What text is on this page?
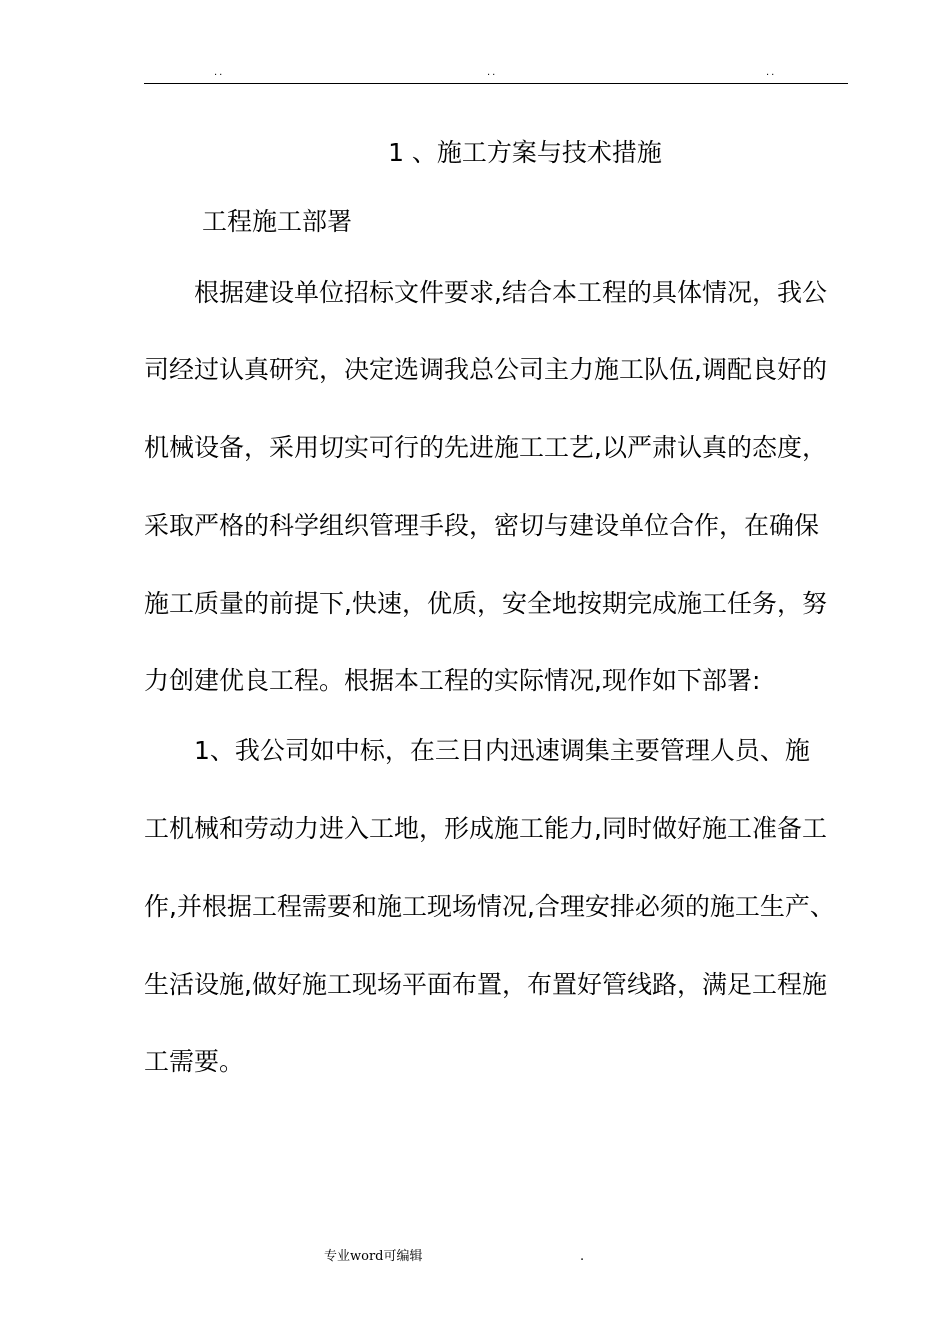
..	..	..
1 、施工方案与技术措施
工程施工部署
根据建设单位招标文件要求,结合本工程的具体情况，我公
司经过认真研究，决定选调我总公司主力施工队伍,调配良好的
机械设备，采用切实可行的先进施工工艺,以严肃认真的态度，
采取严格的科学组织管理手段，密切与建设单位合作，在确保
施工质量的前提下,快速，优质，安全地按期完成施工任务，努
力创建优良工程。根据本工程的实际情况,现作如下部署:
1、我公司如中标，在三日内迅速调集主要管理人员、施
工机械和劳动力进入工地，形成施工能力,同时做好施工准备工
作,并根据工程需要和施工现场情况,合理安排必须的施工生产、
生活设施,做好施工现场平面布置，布置好管线路，满足工程施
工需要。
专业word可编辑	.
